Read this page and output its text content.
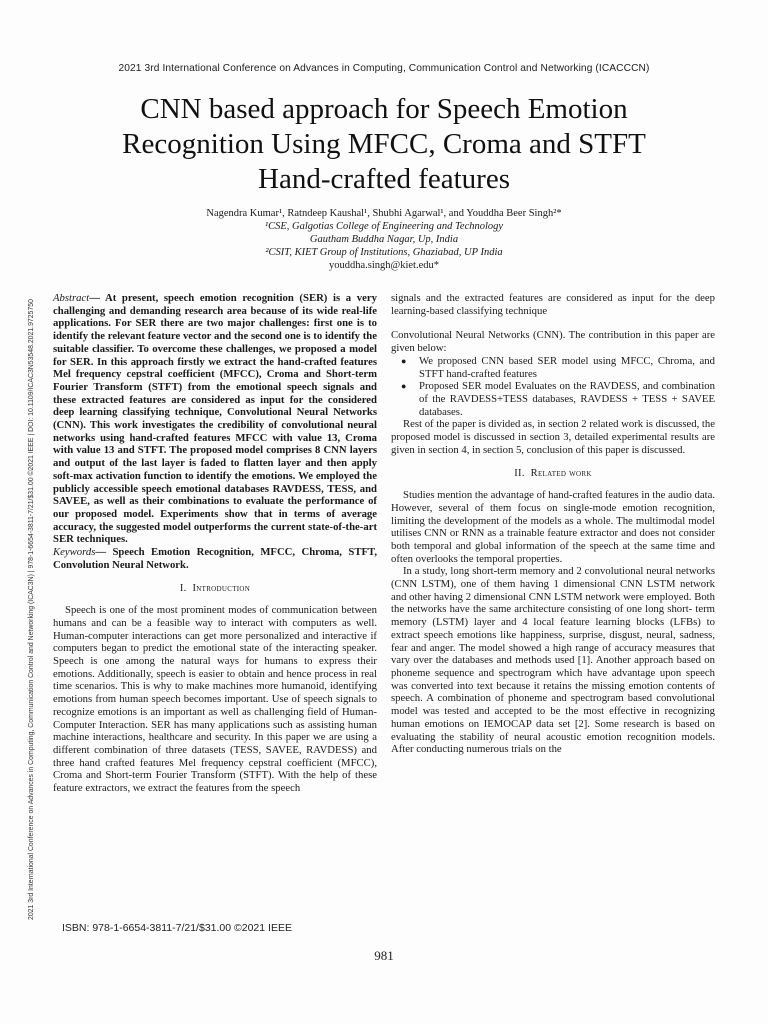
2021 3rd International Conference on Advances in Computing, Communication Control and Networking (ICACCCN)
2021 3rd International Conference on Advances in Computing, Communication Control and Networking (ICAC3N) | 978-1-6654-3811-7/21/$31.00 ©2021 IEEE | DOI: 10.1109/ICAC3N53548.2021.9725750
CNN based approach for Speech Emotion
Recognition Using MFCC, Croma and STFT
Hand-crafted features
Nagendra Kumar¹, Ratndeep Kaushal¹, Shubhi Agarwal¹, and Youddha Beer Singh²*
¹CSE, Galgotias College of Engineering and Technology
Gautham Buddha Nagar, Up, India
²CSIT, KIET Group of Institutions, Ghaziabad, UP India
youddha.singh@kiet.edu*

Abstract— At present, speech emotion recognition (SER) is a very challenging and demanding research area because of its wide real-life applications. For SER there are two major challenges: first one is to identify the relevant feature vector and the second one is to identify the suitable classifier. To overcome these challenges, we proposed a model for SER. In this approach firstly we extract the hand-crafted features Mel frequency cepstral coefficient (MFCC), Croma and Short-term Fourier Transform (STFT) from the emotional speech signals and these extracted features are considered as input for the considered deep learning classifying technique, Convolutional Neural Networks (CNN). This work investigates the credibility of convolutional neural networks using hand-crafted features MFCC with value 13, Croma with value 13 and STFT. The proposed model comprises 8 CNN layers and output of the last layer is faded to flatten layer and then apply soft-max activation function to identify the emotions. We employed the publicly accessible speech emotional databases RAVDESS, TESS, and SAVEE, as well as their combinations to evaluate the performance of our proposed model. Experiments show that in terms of average accuracy, the suggested model outperforms the current state-of-the-art SER techniques.

Keywords— Speech Emotion Recognition, MFCC, Chroma, STFT, Convolution Neural Network.

I. Introduction

Speech is one of the most prominent modes of communication between humans and can be a feasible way to interact with computers as well. Human-computer interactions can get more personalized and interactive if computers began to predict the emotional state of the interacting speaker. Speech is one among the natural ways for humans to express their emotions. Additionally, speech is easier to obtain and hence process in real time scenarios. This is why to make machines more humanoid, identifying emotions from human speech becomes important. Use of speech signals to recognize emotions is an important as well as challenging field of Human-Computer Interaction. SER has many applications such as assisting human machine interactions, healthcare and security. In this paper we are using a different combination of three datasets (TESS, SAVEE, RAVDESS) and three hand crafted features Mel frequency cepstral coefficient (MFCC), Croma and Short-term Fourier Transform (STFT). With the help of these feature extractors, we extract the features from the speech

signals and the extracted features are considered as input for the deep learning-based classifying technique

Convolutional Neural Networks (CNN). The contribution in this paper are given below:

● We proposed CNN based SER model using MFCC, Chroma, and STFT hand-crafted features
● Proposed SER model Evaluates on the RAVDESS, and combination of the RAVDESS+TESS databases, RAVDESS + TESS + SAVEE databases.

Rest of the paper is divided as, in section 2 related work is discussed, the proposed model is discussed in section 3, detailed experimental results are given in section 4, in section 5, conclusion of this paper is discussed.

II. Related work

Studies mention the advantage of hand-crafted features in the audio data. However, several of them focus on single-mode emotion recognition, limiting the development of the models as a whole. The multimodal model utilises CNN or RNN as a trainable feature extractor and does not consider both temporal and global information of the speech at the same time and often overlooks the temporal properties.

In a study, long short-term memory and 2 convolutional neural networks (CNN LSTM), one of them having 1 dimensional CNN LSTM network and other having 2 dimensional CNN LSTM network were employed. Both the networks have the same architecture consisting of one long short- term memory (LSTM) layer and 4 local feature learning blocks (LFBs) to extract speech emotions like happiness, surprise, disgust, neural, sadness, fear and anger. The model showed a high range of accuracy measures that vary over the databases and methods used [1]. Another approach based on phoneme sequence and spectrogram which have advantage upon speech was converted into text because it retains the missing emotion contents of speech. A combination of phoneme and spectrogram based convolutional model was tested and accepted to be the most effective in recognizing human emotions on IEMOCAP data set [2]. Some research is based on evaluating the stability of neural acoustic emotion recognition models. After conducting numerous trials on the

ISBN: 978-1-6654-3811-7/21/$31.00 ©2021 IEEE
981
